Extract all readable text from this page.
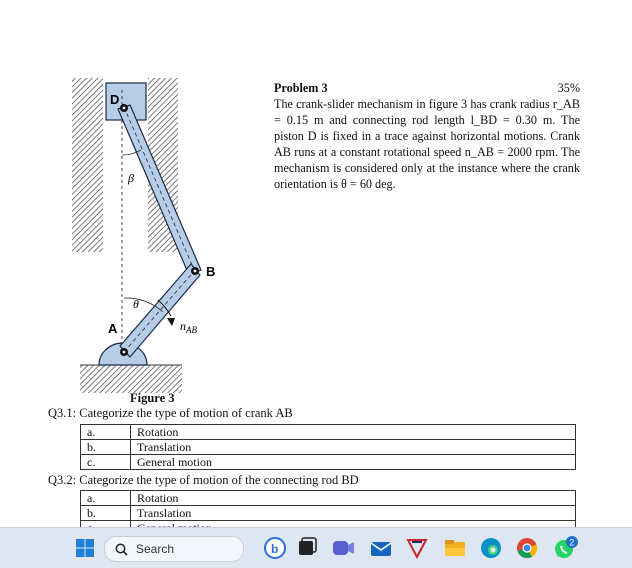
D
β
B
θ
A	$n_{AB}$
Problem 3	35%

The crank-slider mechanism in figure 3 has crank radius r_AB = 0.15 m and connecting rod length l_BD = 0.30 m. The piston D is fixed in a trace against horizontal motions. Crank AB runs at a constant rotational speed n_AB = 2000 rpm. The mechanism is considered only at the instance where the crank orientation is θ = 60 deg.

Figure 3
Q3.1: Categorize the type of motion of crank AB
a.	Rotation
b.	Translation
c.	General motion
Q3.2: Categorize the type of motion of the connecting rod BD
a.	Rotation
b.	Translation

Search	b	2
